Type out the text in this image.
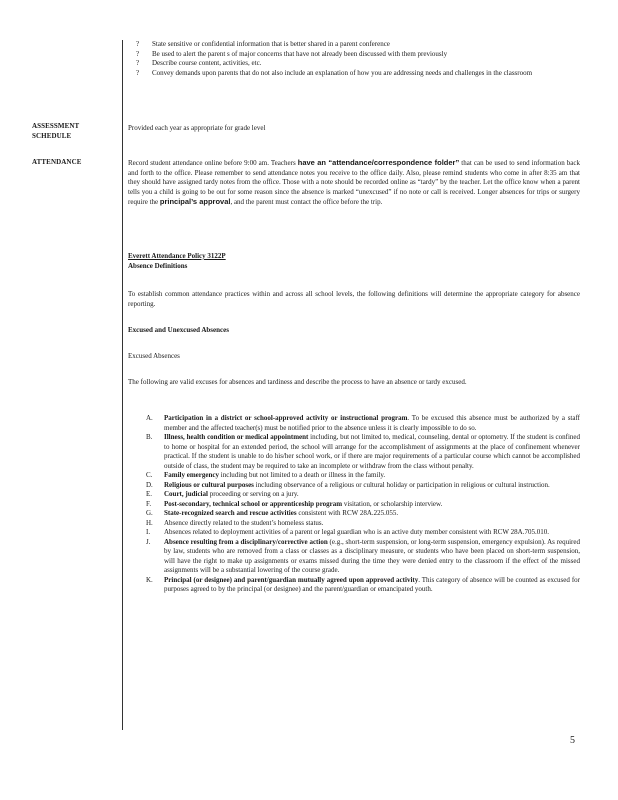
? State sensitive or confidential information that is better shared in a parent conference
? Be used to alert the parent s of major concerns that have not already been discussed with them previously
? Describe course content, activities, etc.
? Convey demands upon parents that do not also include an explanation of how you are addressing needs and challenges in the classroom
ASSESSMENT
SCHEDULE
Provided each year as appropriate for grade level
ATTENDANCE	Record student attendance online before 9:00 am. Teachers have an “attendance/correspondence folder” that can be used to send information back and forth to the office. Please remember to send attendance notes you receive to the office daily. Also, please remind students who come in after 8:35 am that they should have assigned tardy notes from the office. Those with a note should be recorded online as “tardy” by the teacher. Let the office know when a parent tells you a child is going to be out for some reason since the absence is marked “unexcused” if no note or call is received. Longer absences for trips or surgery require the principal’s approval, and the parent must contact the office before the trip.
Everett Attendance Policy 3122P
Absence Definitions
To establish common attendance practices within and across all school levels, the following definitions will determine the appropriate category for absence reporting.
Excused and Unexcused Absences
Excused Absences
The following are valid excuses for absences and tardiness and describe the process to have an absence or tardy excused.
A. Participation in a district or school-approved activity or instructional program. To be excused this absence must be authorized by a staff member and the affected teacher(s) must be notified prior to the absence unless it is clearly impossible to do so.
B. Illness, health condition or medical appointment including, but not limited to, medical, counseling, dental or optometry. If the student is confined to home or hospital for an extended period, the school will arrange for the accomplishment of assignments at the place of confinement whenever practical. If the student is unable to do his/her school work, or if there are major requirements of a particular course which cannot be accomplished outside of class, the student may be required to take an incomplete or withdraw from the class without penalty.
C. Family emergency including but not limited to a death or illness in the family.
D. Religious or cultural purposes including observance of a religious or cultural holiday or participation in religious or cultural instruction.
E. Court, judicial proceeding or serving on a jury.
F. Post-secondary, technical school or apprenticeship program visitation, or scholarship interview.
G. State-recognized search and rescue activities consistent with RCW 28A.225.055.
H. Absence directly related to the student’s homeless status.
I. Absences related to deployment activities of a parent or legal guardian who is an active duty member consistent with RCW 28A.705.010.
J. Absence resulting from a disciplinary/corrective action (e.g., short-term suspension, or long-term suspension, emergency expulsion). As required by law, students who are removed from a class or classes as a disciplinary measure, or students who have been placed on short-term suspension, will have the right to make up assignments or exams missed during the time they were denied entry to the classroom if the effect of the missed assignments will be a substantial lowering of the course grade.
K. Principal (or designee) and parent/guardian mutually agreed upon approved activity. This category of absence will be counted as excused for purposes agreed to by the principal (or designee) and the parent/guardian or emancipated youth.
5
